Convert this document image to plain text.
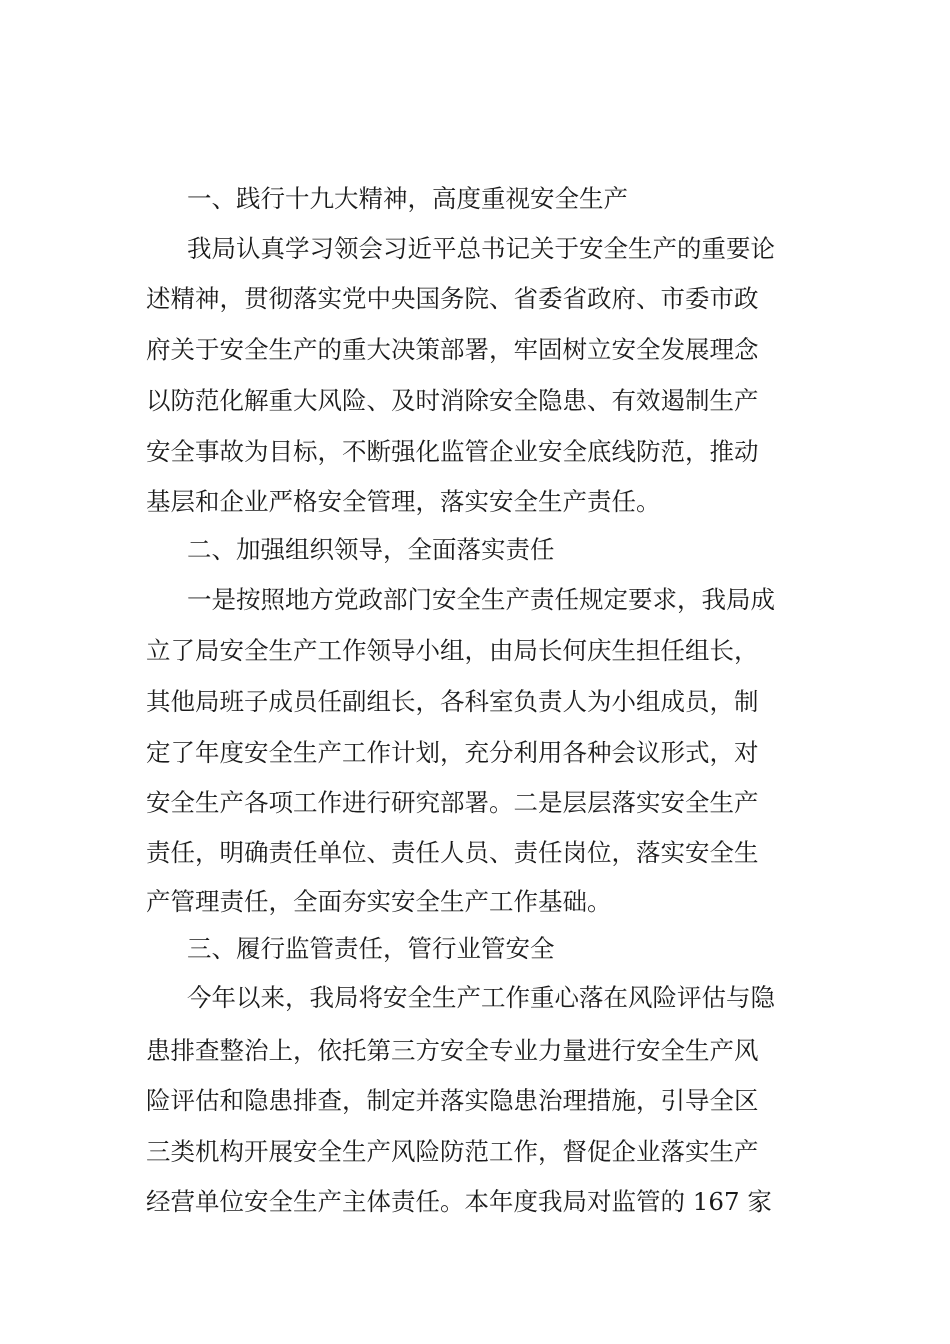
一、践行十九大精神，高度重视安全生产
我局认真学习领会习近平总书记关于安全生产的重要论
述精神，贯彻落实党中央国务院、省委省政府、市委市政
府关于安全生产的重大决策部署，牢固树立安全发展理念
以防范化解重大风险、及时消除安全隐患、有效遏制生产
安全事故为目标，不断强化监管企业安全底线防范，推动
基层和企业严格安全管理，落实安全生产责任。
二、加强组织领导，全面落实责任
一是按照地方党政部门安全生产责任规定要求，我局成
立了局安全生产工作领导小组，由局长何庆生担任组长，
其他局班子成员任副组长，各科室负责人为小组成员，制
定了年度安全生产工作计划，充分利用各种会议形式，对
安全生产各项工作进行研究部署。二是层层落实安全生产
责任，明确责任单位、责任人员、责任岗位，落实安全生
产管理责任，全面夯实安全生产工作基础。
三、履行监管责任，管行业管安全
今年以来，我局将安全生产工作重心落在风险评估与隐
患排查整治上，依托第三方安全专业力量进行安全生产风
险评估和隐患排查，制定并落实隐患治理措施，引导全区
三类机构开展安全生产风险防范工作，督促企业落实生产
经营单位安全生产主体责任。本年度我局对监管的 167 家
